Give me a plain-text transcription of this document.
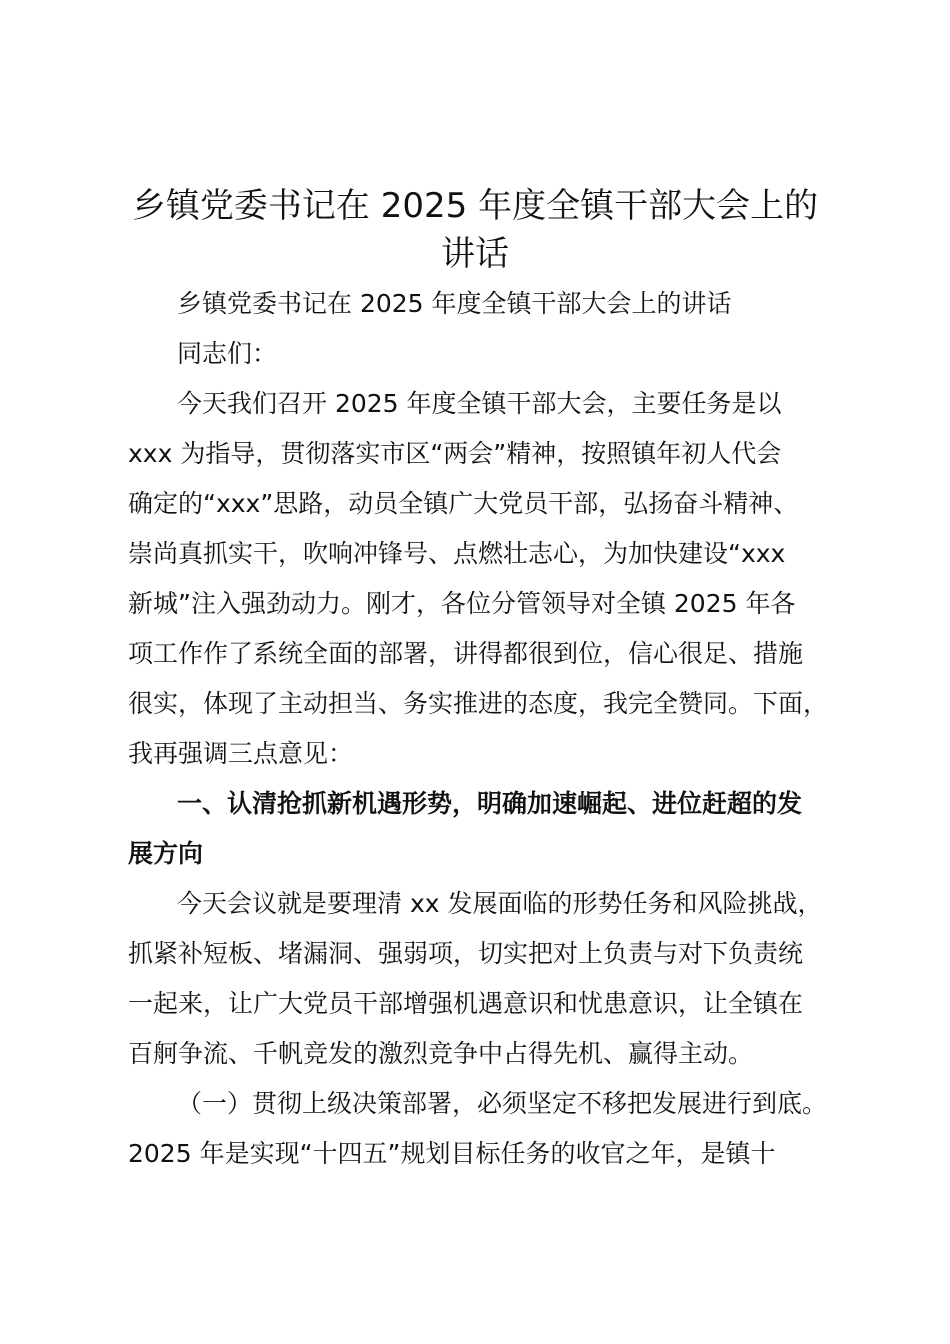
乡镇党委书记在 2025 年度全镇干部大会上的
讲话
乡镇党委书记在 2025 年度全镇干部大会上的讲话
同志们：
今天我们召开 2025 年度全镇干部大会，主要任务是以
xxx 为指导，贯彻落实市区“两会”精神，按照镇年初人代会
确定的“xxx”思路，动员全镇广大党员干部，弘扬奋斗精神、
崇尚真抓实干，吹响冲锋号、点燃壮志心，为加快建设“xxx
新城”注入强劲动力。刚才，各位分管领导对全镇 2025 年各
项工作作了系统全面的部署，讲得都很到位，信心很足、措施
很实，体现了主动担当、务实推进的态度，我完全赞同。下面，
我再强调三点意见：
一、认清抢抓新机遇形势，明确加速崛起、进位赶超的发
展方向
今天会议就是要理清 xx 发展面临的形势任务和风险挑战，
抓紧补短板、堵漏洞、强弱项，切实把对上负责与对下负责统
一起来，让广大党员干部增强机遇意识和忧患意识，让全镇在
百舸争流、千帆竞发的激烈竞争中占得先机、赢得主动。
（一）贯彻上级决策部署，必须坚定不移把发展进行到底。
2025 年是实现“十四五”规划目标任务的收官之年，是镇十
